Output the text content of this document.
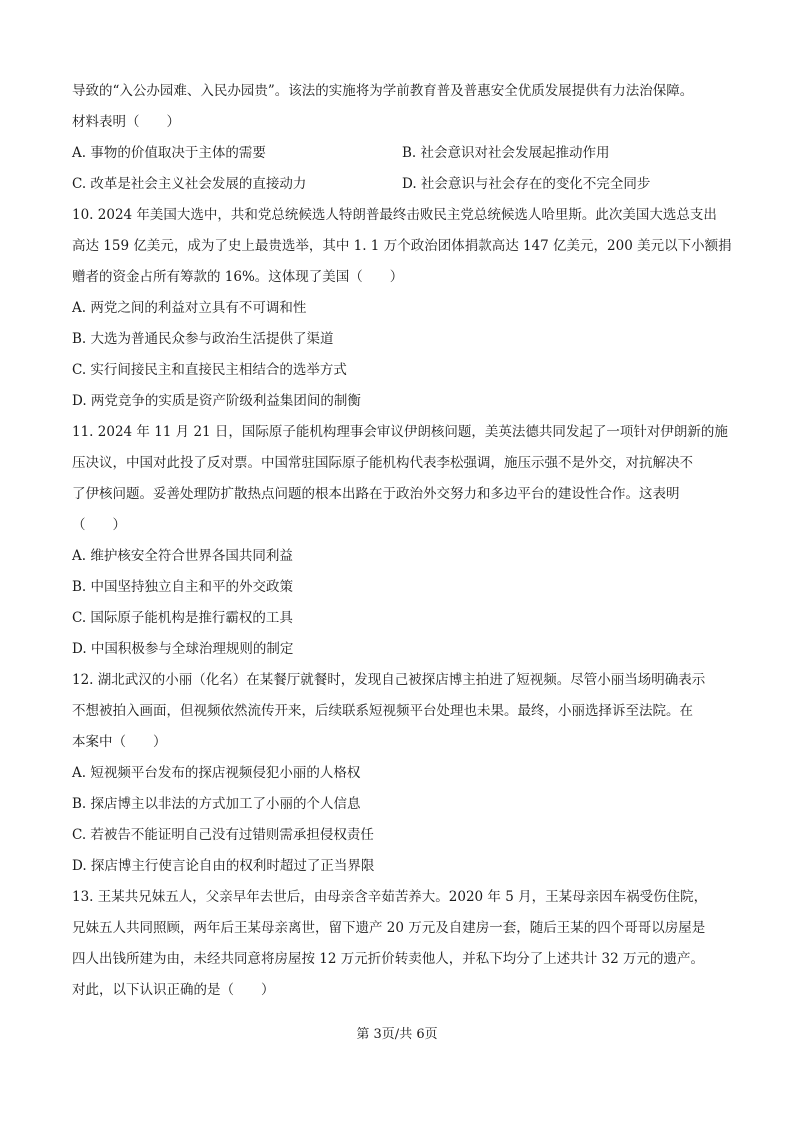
导致的“入公办园难、入民办园贵”。该法的实施将为学前教育普及普惠安全优质发展提供有力法治保障。
材料表明（　　）
A. 事物的价值取决于主体的需要	B. 社会意识对社会发展起推动作用
C. 改革是社会主义社会发展的直接动力	D. 社会意识与社会存在的变化不完全同步
10. 2024 年美国大选中，共和党总统候选人特朗普最终击败民主党总统候选人哈里斯。此次美国大选总支出
高达 159 亿美元，成为了史上最贵选举，其中 1. 1 万个政治团体捐款高达 147 亿美元，200 美元以下小额捐
赠者的资金占所有筹款的 16%。这体现了美国（　　）
A. 两党之间的利益对立具有不可调和性
B. 大选为普通民众参与政治生活提供了渠道
C. 实行间接民主和直接民主相结合的选举方式
D. 两党竞争的实质是资产阶级利益集团间的制衡
11. 2024 年 11 月 21 日，国际原子能机构理事会审议伊朗核问题，美英法德共同发起了一项针对伊朗新的施
压决议，中国对此投了反对票。中国常驻国际原子能机构代表李松强调，施压示强不是外交，对抗解决不
了伊核问题。妥善处理防扩散热点问题的根本出路在于政治外交努力和多边平台的建设性合作。这表明
（　　）
A. 维护核安全符合世界各国共同利益
B. 中国坚持独立自主和平的外交政策
C. 国际原子能机构是推行霸权的工具
D. 中国积极参与全球治理规则的制定
12. 湖北武汉的小丽（化名）在某餐厅就餐时，发现自己被探店博主拍进了短视频。尽管小丽当场明确表示
不想被拍入画面，但视频依然流传开来，后续联系短视频平台处理也未果。最终，小丽选择诉至法院。在
本案中（　　）
A. 短视频平台发布的探店视频侵犯小丽的人格权
B. 探店博主以非法的方式加工了小丽的个人信息
C. 若被告不能证明自己没有过错则需承担侵权责任
D. 探店博主行使言论自由的权利时超过了正当界限
13. 王某共兄妹五人，父亲早年去世后，由母亲含辛茹苦养大。2020 年 5 月，王某母亲因车祸受伤住院，
兄妹五人共同照顾，两年后王某母亲离世，留下遗产 20 万元及自建房一套，随后王某的四个哥哥以房屋是
四人出钱所建为由，未经共同意将房屋按 12 万元折价转卖他人，并私下均分了上述共计 32 万元的遗产。
对此，以下认识正确的是（　　）
第 3页/共 6页
